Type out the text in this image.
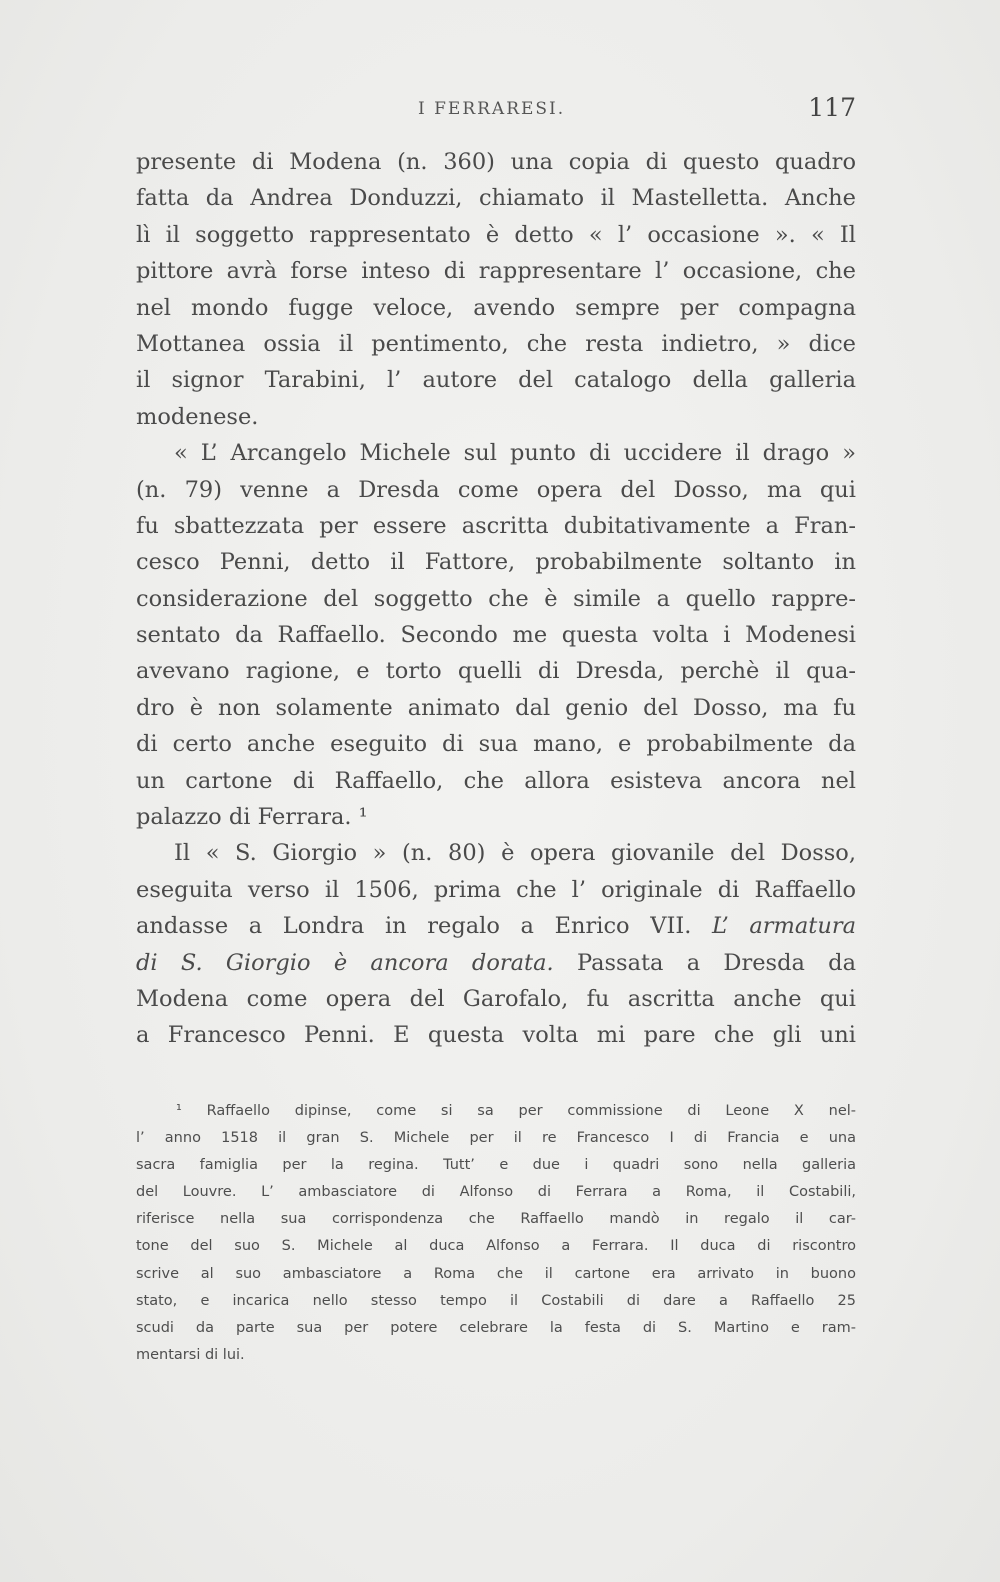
I FERRARESI.	117
presente di Modena (n. 360) una copia di questo quadro
fatta da Andrea Donduzzi, chiamato il Mastelletta. Anche
lì il soggetto rappresentato è detto « l’ occasione ». « Il
pittore avrà forse inteso di rappresentare l’ occasione, che
nel mondo fugge veloce, avendo sempre per compagna
Mottanea ossia il pentimento, che resta indietro, » dice
il signor Tarabini, l’ autore del catalogo della galleria
modenese.
« L’ Arcangelo Michele sul punto di uccidere il drago »
(n. 79) venne a Dresda come opera del Dosso, ma qui
fu sbattezzata per essere ascritta dubitativamente a Fran-
cesco Penni, detto il Fattore, probabilmente soltanto in
considerazione del soggetto che è simile a quello rappre-
sentato da Raffaello. Secondo me questa volta i Modenesi
avevano ragione, e torto quelli di Dresda, perchè il qua-
dro è non solamente animato dal genio del Dosso, ma fu
di certo anche eseguito di sua mano, e probabilmente da
un cartone di Raffaello, che allora esisteva ancora nel
palazzo di Ferrara. ¹
Il « S. Giorgio » (n. 80) è opera giovanile del Dosso,
eseguita verso il 1506, prima che l’ originale di Raffaello
andasse a Londra in regalo a Enrico VII. L’ armatura
di S. Giorgio è ancora dorata. Passata a Dresda da
Modena come opera del Garofalo, fu ascritta anche qui
a Francesco Penni. E questa volta mi pare che gli uni
¹ Raffaello dipinse, come si sa per commissione di Leone X nel-
l’ anno 1518 il gran S. Michele per il re Francesco I di Francia e una
sacra famiglia per la regina. Tutt’ e due i quadri sono nella galleria
del Louvre. L’ ambasciatore di Alfonso di Ferrara a Roma, il Costabili,
riferisce nella sua corrispondenza che Raffaello mandò in regalo il car-
tone del suo S. Michele al duca Alfonso a Ferrara. Il duca di riscontro
scrive al suo ambasciatore a Roma che il cartone era arrivato in buono
stato, e incarica nello stesso tempo il Costabili di dare a Raffaello 25
scudi da parte sua per potere celebrare la festa di S. Martino e ram-
mentarsi di lui.
